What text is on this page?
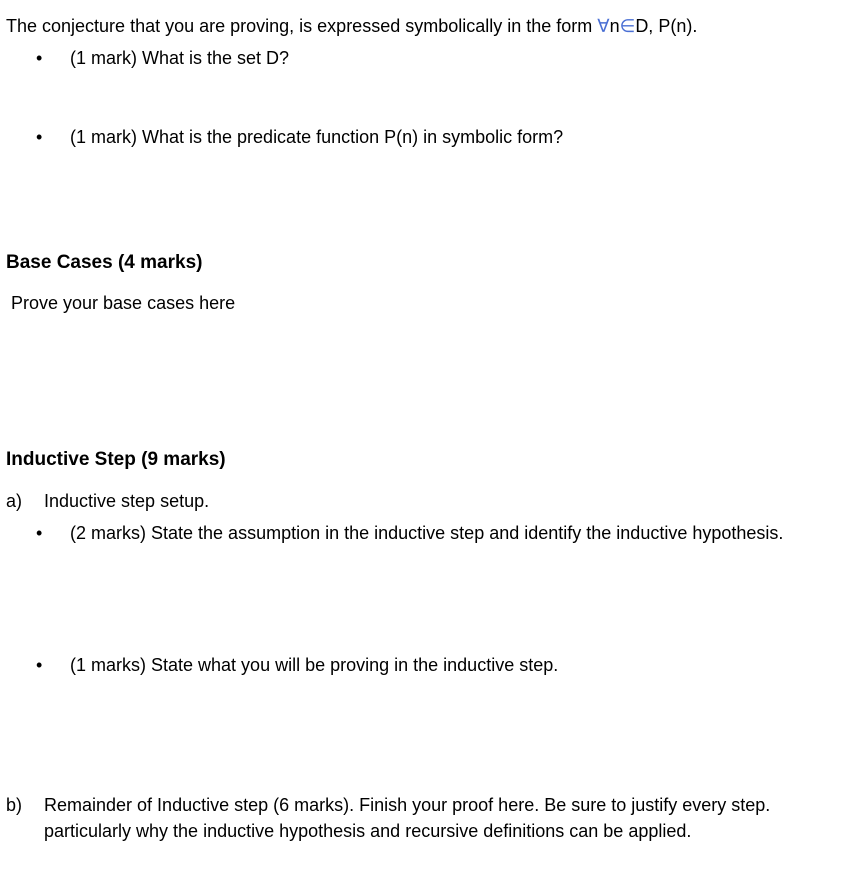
The conjecture that you are proving, is expressed symbolically in the form ∀n∈D, P(n).
• (1 mark) What is the set D?
• (1 mark) What is the predicate function P(n) in symbolic form?
Base Cases (4 marks)
Prove your base cases here
Inductive Step (9 marks)
a) Inductive step setup.
• (2 marks) State the assumption in the inductive step and identify the inductive hypothesis.
• (1 marks) State what you will be proving in the inductive step.
b) Remainder of Inductive step (6 marks). Finish your proof here. Be sure to justify every step.
particularly why the inductive hypothesis and recursive definitions can be applied.
